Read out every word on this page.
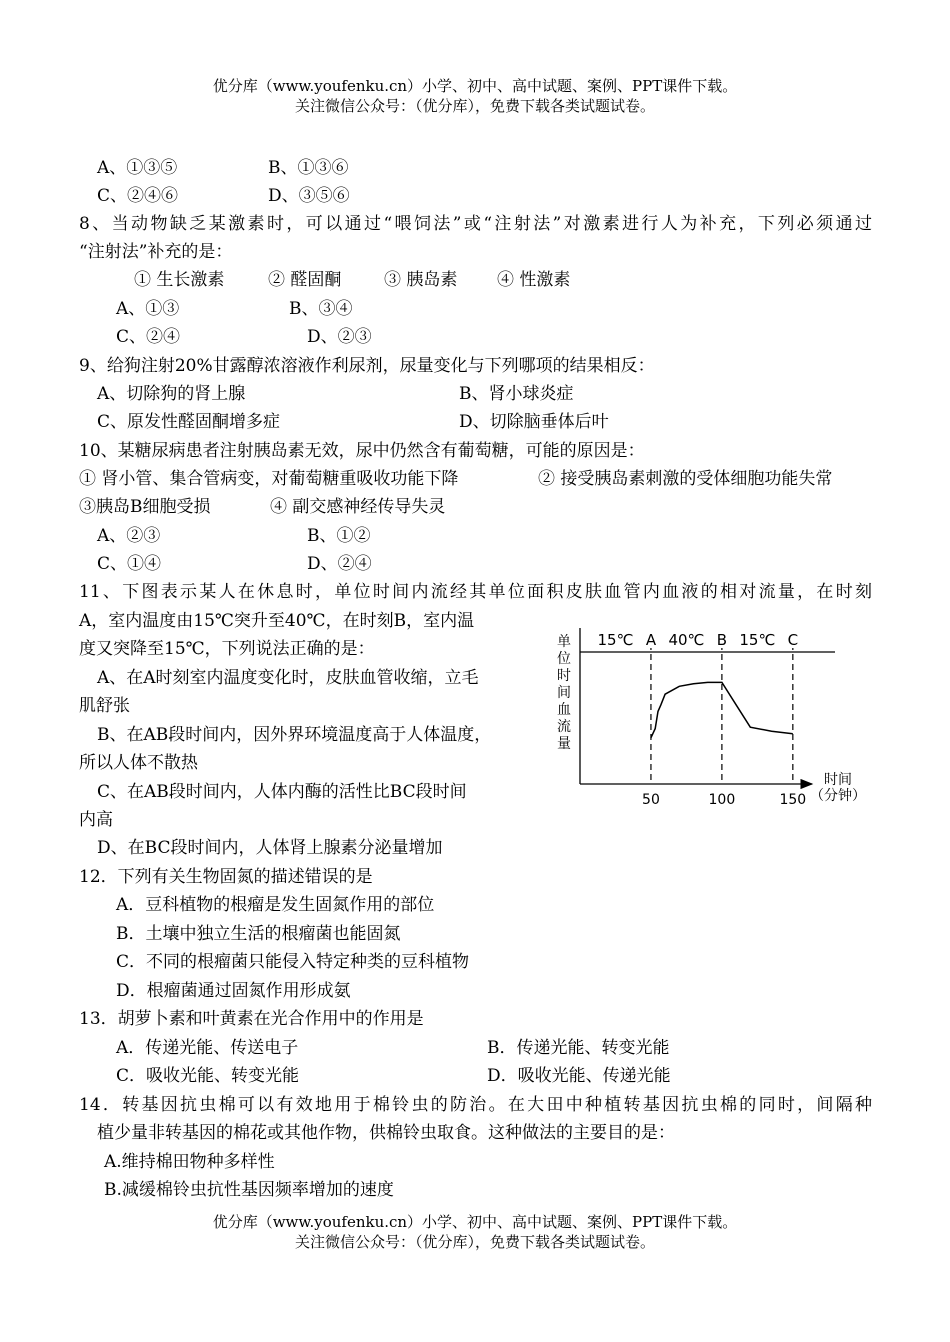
优分库（www.youfenku.cn）小学、初中、高中试题、案例、PPT课件下载。
关注微信公众号：（优分库），免费下载各类试题试卷。
A、①③⑤	B、①③⑥
C、②④⑥	D、③⑤⑥
8、当动物缺乏某激素时，可以通过“喂饲法”或“注射法”对激素进行人为补充，下列必须通过
“注射法”补充的是：
① 生长激素	② 醛固酮	③ 胰岛素 ④ 性激素
A、①③	B、③④
C、②④	D、②③
9、给狗注射20%甘露醇浓溶液作利尿剂，尿量变化与下列哪项的结果相反：
A、切除狗的肾上腺	B、肾小球炎症
C、原发性醛固酮增多症	D、切除脑垂体后叶
10、某糖尿病患者注射胰岛素无效，尿中仍然含有葡萄糖，可能的原因是：
① 肾小管、集合管病变，对葡萄糖重吸收功能下降	② 接受胰岛素刺激的受体细胞功能失常
③胰岛B细胞受损	④ 副交感神经传导失灵
A、②③	B、①②
C、①④	D、②④
11、下图表示某人在休息时，单位时间内流经其单位面积皮肤血管内血液的相对流量，在时刻
A，室内温度由15℃突升至40℃，在时刻B，室内温
度又突降至15℃，下列说法正确的是：
A、在A时刻室内温度变化时，皮肤血管收缩，立毛
肌舒张
B、在AB段时间内，因外界环境温度高于人体温度，
所以人体不散热
C、在AB段时间内，人体内酶的活性比BC段时间
内高
D、在BC段时间内，人体肾上腺素分泌量增加
单
位
时
间
血
流
量
A	B	C
15℃ 40℃ 15℃
50	100	150
时间
（分钟）
12．下列有关生物固氮的描述错误的是
A．豆科植物的根瘤是发生固氮作用的部位
B．土壤中独立生活的根瘤菌也能固氮
C．不同的根瘤菌只能侵入特定种类的豆科植物
D．根瘤菌通过固氮作用形成氨
13．胡萝卜素和叶黄素在光合作用中的作用是
A．传递光能、传送电子	B．传递光能、转变光能
C．吸收光能、转变光能	D．吸收光能、传递光能
14．转基因抗虫棉可以有效地用于棉铃虫的防治。在大田中种植转基因抗虫棉的同时，间隔种
植少量非转基因的棉花或其他作物，供棉铃虫取食。这种做法的主要目的是：
A.维持棉田物种多样性
B.减缓棉铃虫抗性基因频率增加的速度
优分库（www.youfenku.cn）小学、初中、高中试题、案例、PPT课件下载。
关注微信公众号：（优分库），免费下载各类试题试卷。
